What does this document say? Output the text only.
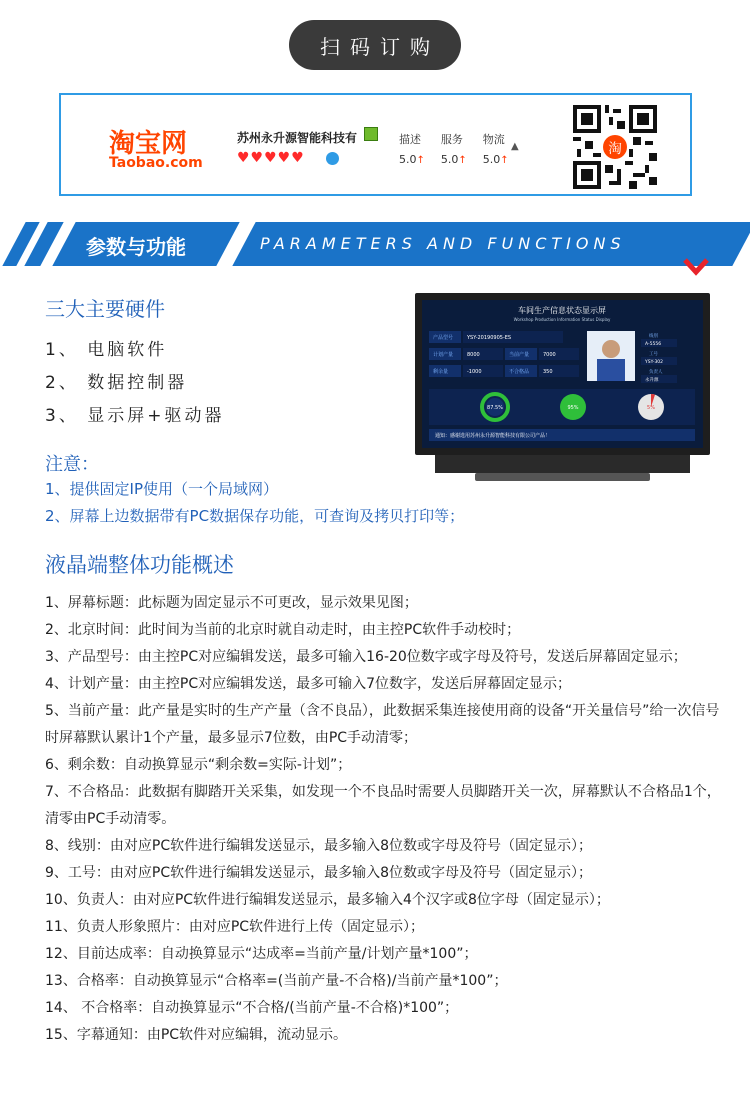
扫码订购
淘宝网
Taobao.com
苏州永升源智能科技有
♥♥♥♥♥
描述
5.0↑
服务
5.0↑
物流
5.0↑
▲	淘
参数与功能	PARAMETERS AND FUNCTIONS
三大主要硬件
1、 电脑软件
2、 数据控制器
3、 显示屏+驱动器
注意：
1、提供固定IP使用（一个局域网）
2、屏幕上边数据带有PC数据保存功能，可查询及拷贝打印等；
车间生产信息状态显示屏
Workshop Production Information Status Display
产品型号	YSY-20190905-ES
计划产量	8000	当前产量	7000
剩余量	-1000	不合格品	350
线别
A-5556
工号
YSY-302
负责人
永升源
87.5%	95%	5%
通知：感谢选用苏州永升源智能科技有限公司产品！
液晶端整体功能概述
1、屏幕标题：此标题为固定显示不可更改，显示效果见图；
2、北京时间：此时间为当前的北京时就自动走时，由主控PC软件手动校时；
3、产品型号：由主控PC对应编辑发送，最多可输入16-20位数字或字母及符号，发送后屏幕固定显示；
4、计划产量：由主控PC对应编辑发送，最多可输入7位数字，发送后屏幕固定显示；
5、当前产量：此产量是实时的生产产量（含不良品），此数据采集连接使用商的设备“开关量信号”给一次信号时屏幕默认累计1个产量，最多显示7位数，由PC手动清零；
6、剩余数：自动换算显示“剩余数=实际-计划”；
7、不合格品：此数据有脚踏开关采集，如发现一个不良品时需要人员脚踏开关一次，屏幕默认不合格品1个，清零由PC手动清零。
8、线别：由对应PC软件进行编辑发送显示，最多输入8位数或字母及符号（固定显示）；
9、工号：由对应PC软件进行编辑发送显示，最多输入8位数或字母及符号（固定显示）；
10、负责人：由对应PC软件进行编辑发送显示，最多输入4个汉字或8位字母（固定显示）；
11、负责人形象照片：由对应PC软件进行上传（固定显示）；
12、目前达成率：自动换算显示“达成率=当前产量/计划产量*100”；
13、合格率：自动换算显示“合格率=(当前产量-不合格)/当前产量*100”；
14、 不合格率：自动换算显示“不合格/(当前产量-不合格)*100”；
15、字幕通知：由PC软件对应编辑，流动显示。
